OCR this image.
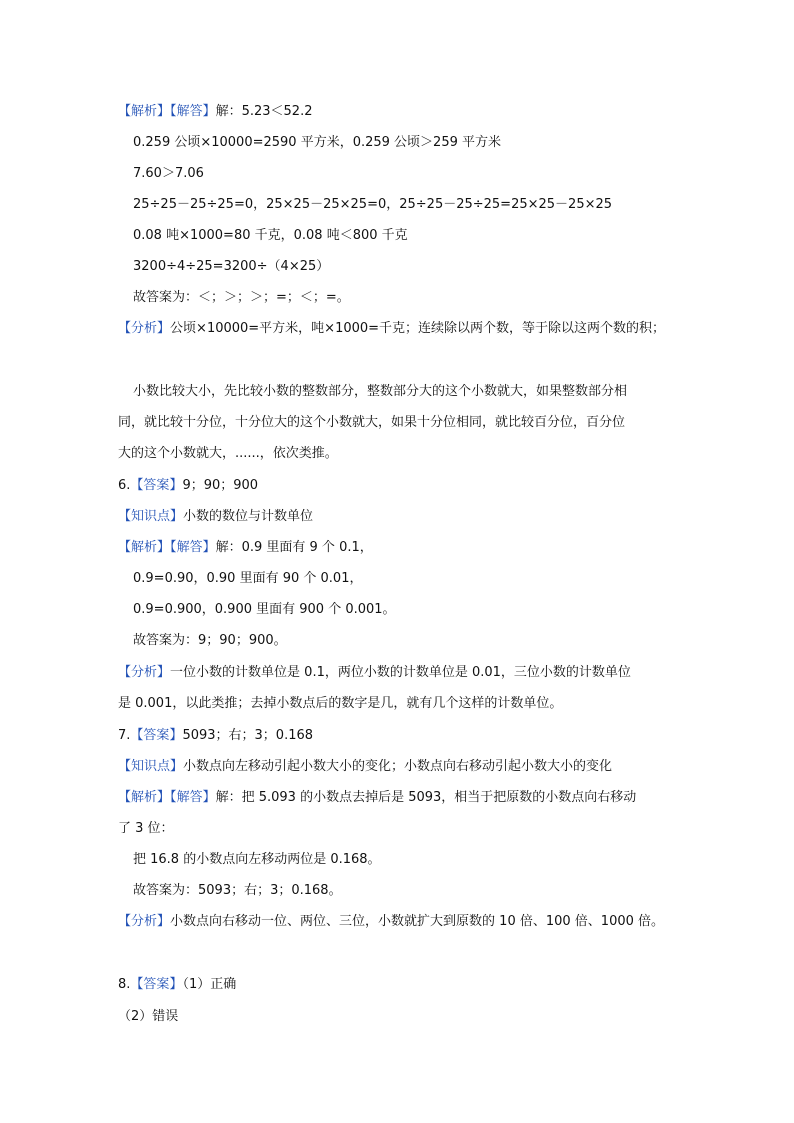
【 解析 】 【 解答 】 解：5.23＜52.2
0.259 公顷×10000=2590 平方米，0.259 公顷＞259 平方米
7.60＞7.06
25÷25－25÷25=0，25×25－25×25=0，25÷25－25÷25=25×25－25×25
0.08 吨×1000=80 千克，0.08 吨＜800 千克
3200÷4÷25=3200÷（4×25）
故答案为：＜；＞；＞；=；＜；=。
【 分析 】 公顷×10000=平方米，吨×1000=千克；连续除以两个数，等于除以这两个数的积；
小数比较大小，先比较小数的整数部分，整数部分大的这个小数就大，如果整数部分相
同，就比较十分位，十分位大的这个小数就大，如果十分位相同，就比较百分位，百分位
大的这个小数就大，......，依次类推。
6. 【 答案 】 9；90；900
【 知识点 】 小数的数位与计数单位
【 解析 】 【 解答 】 解：0.9 里面有 9 个 0.1，
0.9=0.90，0.90 里面有 90 个 0.01，
0.9=0.900，0.900 里面有 900 个 0.001。
故答案为：9；90；900。
【 分析 】 一位小数的计数单位是 0.1，两位小数的计数单位是 0.01，三位小数的计数单位
是 0.001，以此类推；去掉小数点后的数字是几，就有几个这样的计数单位。
7. 【 答案 】 5093；右；3；0.168
【 知识点 】 小数点向左移动引起小数大小的变化；小数点向右移动引起小数大小的变化
【 解析 】 【 解答 】 解：把 5.093 的小数点去掉后是 5093，相当于把原数的小数点向右移动
了 3 位：
把 16.8 的小数点向左移动两位是 0.168。
故答案为：5093；右；3；0.168。
【 分析 】 小数点向右移动一位、两位、三位，小数就扩大到原数的 10 倍、100 倍、1000 倍。
8. 【 答案 】 （1）正确
（2）错误
